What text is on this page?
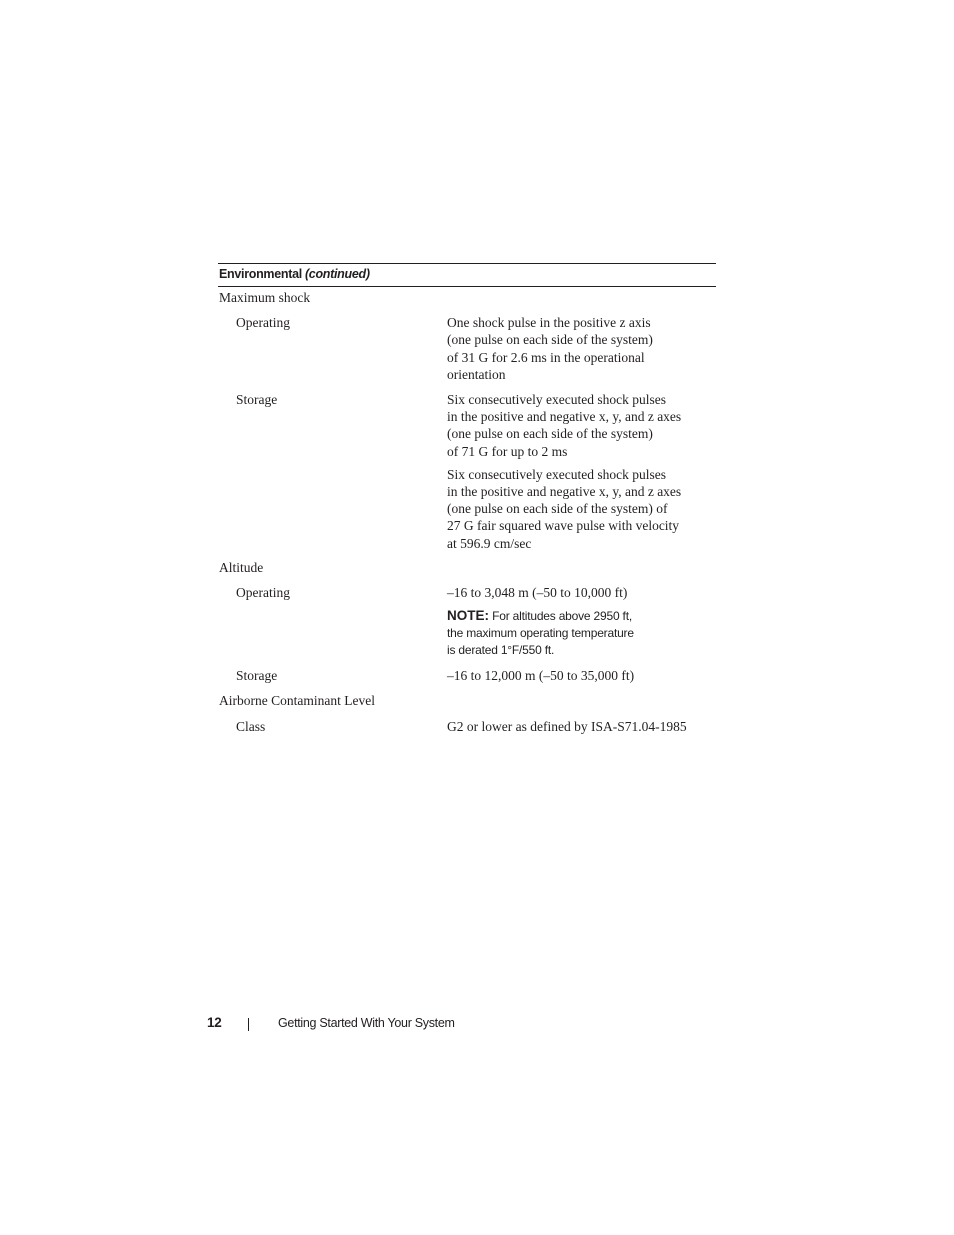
Environmental (continued)
Maximum shock
Operating	One shock pulse in the positive z axis
(one pulse on each side of the system)
of 31 G for 2.6 ms in the operational
orientation

Storage	Six consecutively executed shock pulses
in the positive and negative x, y, and z axes
(one pulse on each side of the system)
of 71 G for up to 2 ms

Six consecutively executed shock pulses
in the positive and negative x, y, and z axes
(one pulse on each side of the system) of
27 G fair squared wave pulse with velocity
at 596.9 cm/sec

Altitude
Operating	–16 to 3,048 m (–50 to 10,000 ft)

NOTE: For altitudes above 2950 ft,
the maximum operating temperature
is derated 1°F/550 ft.
Storage	–16 to 12,000 m (–50 to 35,000 ft)

Airborne Contaminant Level
Class	G2 or lower as defined by ISA-S71.04-1985

12	Getting Started With Your System
